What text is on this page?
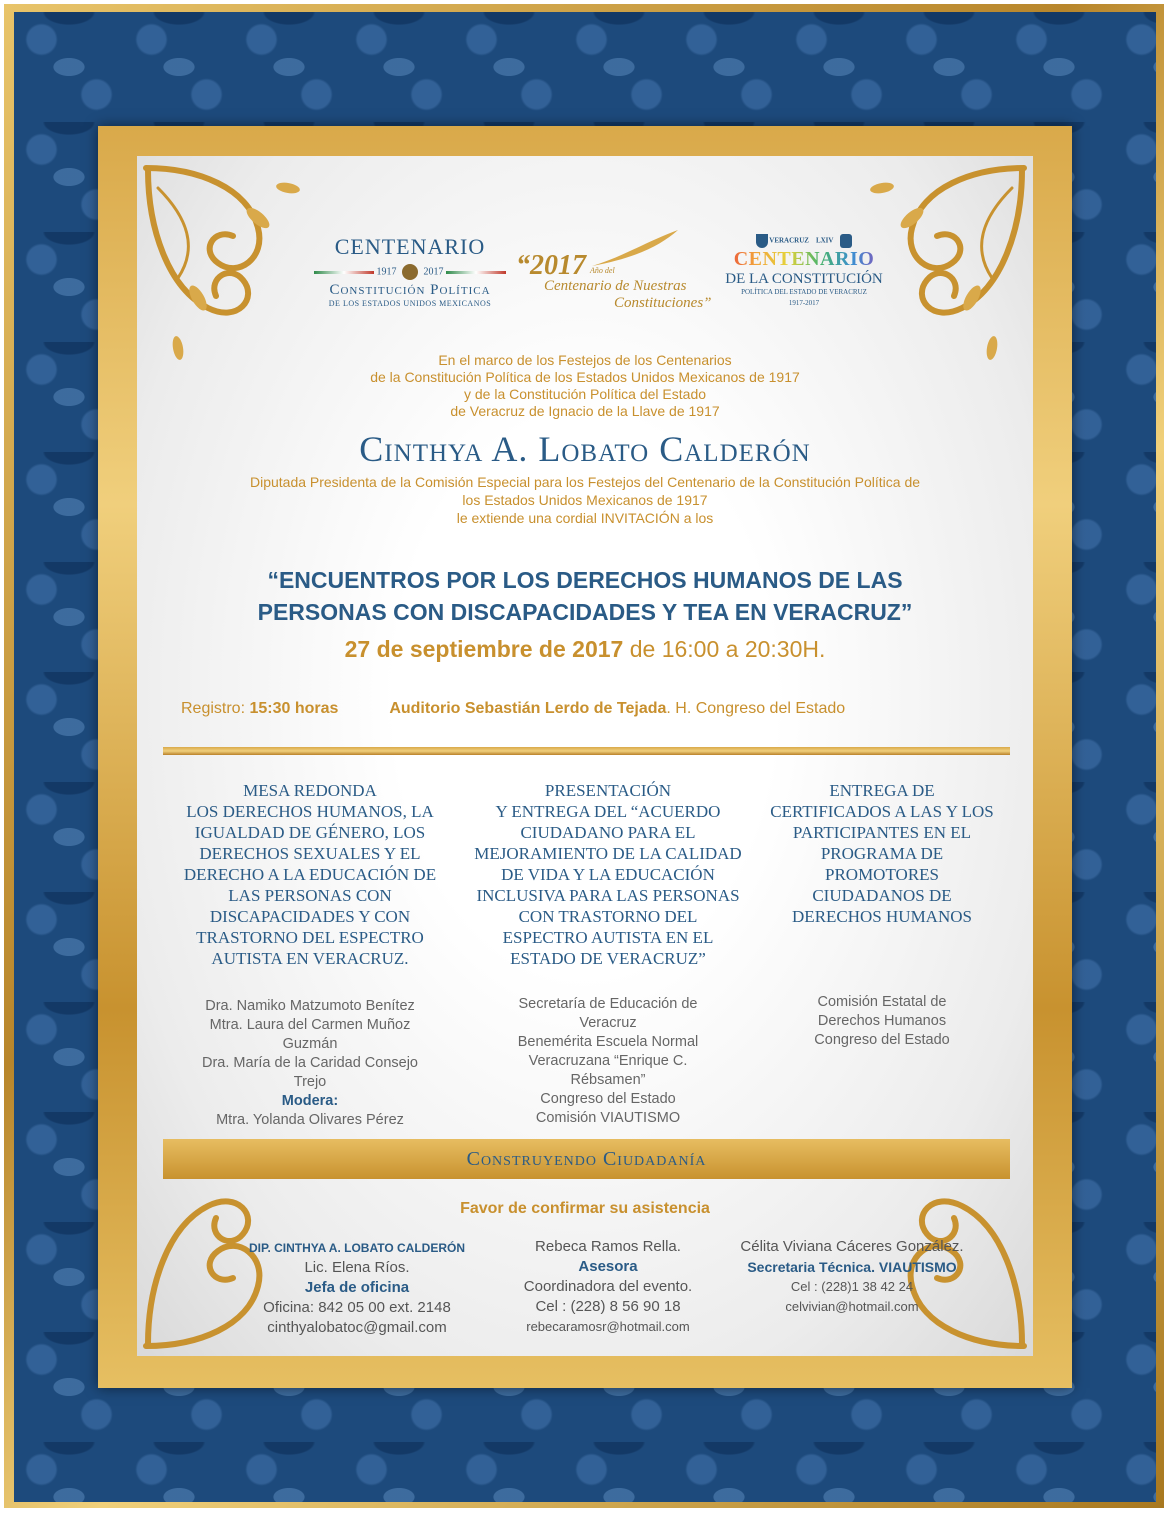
CENTENARIO
1917	2017
Constitución Política
DE LOS ESTADOS UNIDOS MEXICANOS
“2017 Año del
Centenario de Nuestras
Constituciones”
VERACRUZ LXIV
CENTENARIO
DE LA CONSTITUCIÓN
POLÍTICA DEL ESTADO DE VERACRUZ
1917-2017
En el marco de los Festejos de los Centenarios
de la Constitución Política de los Estados Unidos Mexicanos de 1917
y de la Constitución Política del Estado
de Veracruz de Ignacio de la Llave de 1917
Cinthya A. Lobato Calderón
Diputada Presidenta de la Comisión Especial para los Festejos del Centenario de la Constitución Política de
los Estados Unidos Mexicanos de 1917
le extiende una cordial INVITACIÓN a los
“ENCUENTROS POR LOS DERECHOS HUMANOS DE LAS
PERSONAS CON DISCAPACIDADES Y TEA EN VERACRUZ”
27 de septiembre de 2017 de 16:00 a 20:30H.
Registro: 15:30 horas	Auditorio Sebastián Lerdo de Tejada. H. Congreso del Estado
MESA REDONDA
LOS DERECHOS HUMANOS, LA
IGUALDAD DE GÉNERO, LOS
DERECHOS SEXUALES Y EL
DERECHO A LA EDUCACIÓN DE
LAS PERSONAS CON
DISCAPACIDADES Y CON
TRASTORNO DEL ESPECTRO
AUTISTA EN VERACRUZ.
Dra. Namiko Matzumoto Benítez
Mtra. Laura del Carmen Muñoz
Guzmán
Dra. María de la Caridad Consejo
Trejo
Modera:
Mtra. Yolanda Olivares Pérez
PRESENTACIÓN
Y ENTREGA DEL “ACUERDO
CIUDADANO PARA EL
MEJORAMIENTO DE LA CALIDAD
DE VIDA Y LA EDUCACIÓN
INCLUSIVA PARA LAS PERSONAS
CON TRASTORNO DEL
ESPECTRO AUTISTA EN EL
ESTADO DE VERACRUZ”
Secretaría de Educación de
Veracruz
Benemérita Escuela Normal
Veracruzana “Enrique C.
Rébsamen”
Congreso del Estado
Comisión VIAUTISMO
ENTREGA DE
CERTIFICADOS A LAS Y LOS
PARTICIPANTES EN EL
PROGRAMA DE
PROMOTORES
CIUDADANOS DE
DERECHOS HUMANOS
Comisión Estatal de
Derechos Humanos
Congreso del Estado
Construyendo Ciudadanía
Favor de confirmar su asistencia
DIP. CINTHYA A. LOBATO CALDERÓN
Lic. Elena Ríos.
Jefa de oficina
Oficina: 842 05 00 ext. 2148
cinthyalobatoc@gmail.com
Rebeca Ramos Rella.
Asesora
Coordinadora del evento.
Cel : (228) 8 56 90 18
rebecaramosr@hotmail.com
Célita Viviana Cáceres González.
Secretaria Técnica. VIAUTISMO
Cel : (228)1 38 42 24
celvivian@hotmail.com
